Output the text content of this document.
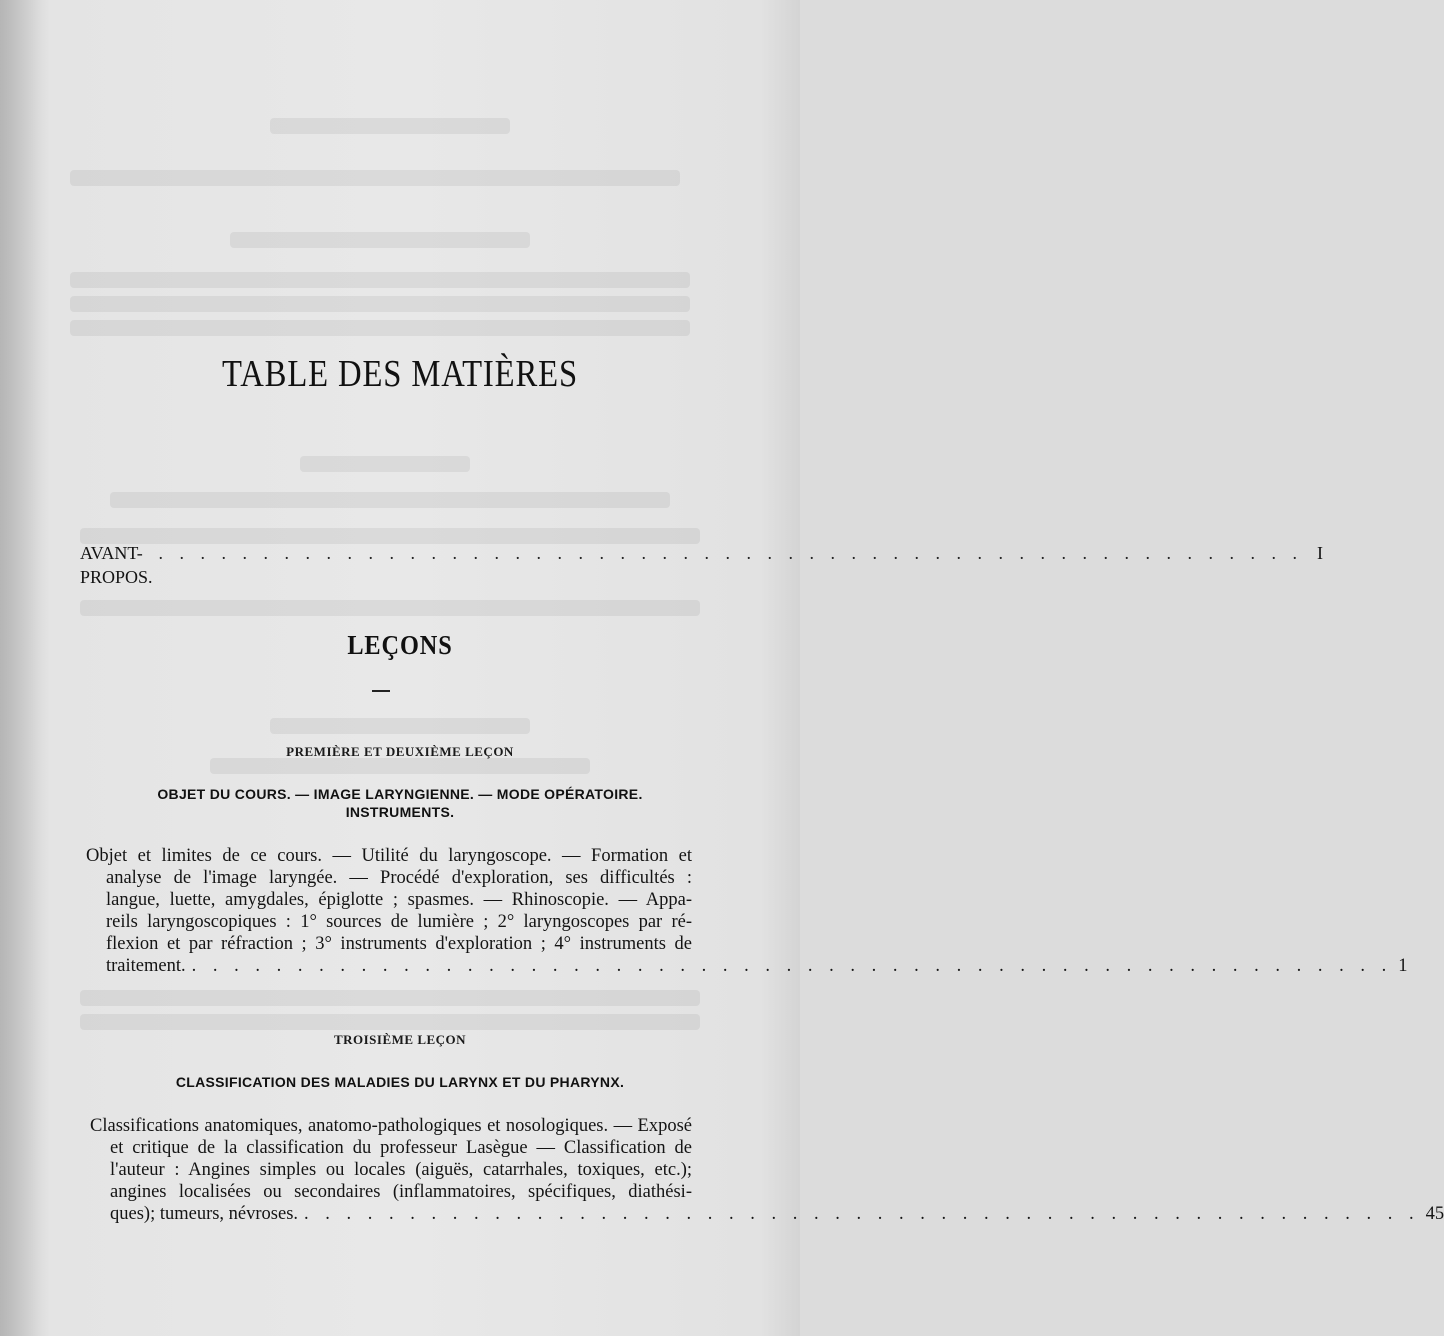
TABLE DES MATIÈRES
AVANT-PROPOS.
. . . . . . . . . . . . . . . . . . . . . . . . . . . . . . . . . . . . . . . . . . . . . . . . . . . . . . . I
LEÇONS
PREMIÈRE ET DEUXIÈME LEÇON
OBJET DU COURS. — IMAGE LARYNGIENNE. — MODE OPÉRATOIRE.
INSTRUMENTS.
Objet et limites de ce cours. — Utilité du laryngoscope. — Formation et
analyse de l'image laryngée. — Procédé d'exploration, ses difficultés :
langue, luette, amygdales, épiglotte ; spasmes. — Rhinoscopie. — Appa-
reils laryngoscopiques : 1° sources de lumière ; 2° laryngoscopes par ré-
flexion et par réfraction ; 3° instruments d'exploration ; 4° instruments de
traitement. . . . . . . . . . . . . . . . . . . . . . . . . . . . . . . . . . . . . . . . . . . . . . . . . . . . . . . . . . 1
TROISIÈME LEÇON
CLASSIFICATION DES MALADIES DU LARYNX ET DU PHARYNX.
Classifications anatomiques, anatomo-pathologiques et nosologiques. — Exposé
et critique de la classification du professeur Lasègue — Classification de
l'auteur : Angines simples ou locales (aiguës, catarrhales, toxiques, etc.);
angines localisées ou secondaires (inflammatoires, spécifiques, diathési-
ques); tumeurs, névroses. . . . . . . . . . . . . . . . . . . . . . . . . . . . . . . . . . . . . . . . . . . . . . . . . . . . . . 45
